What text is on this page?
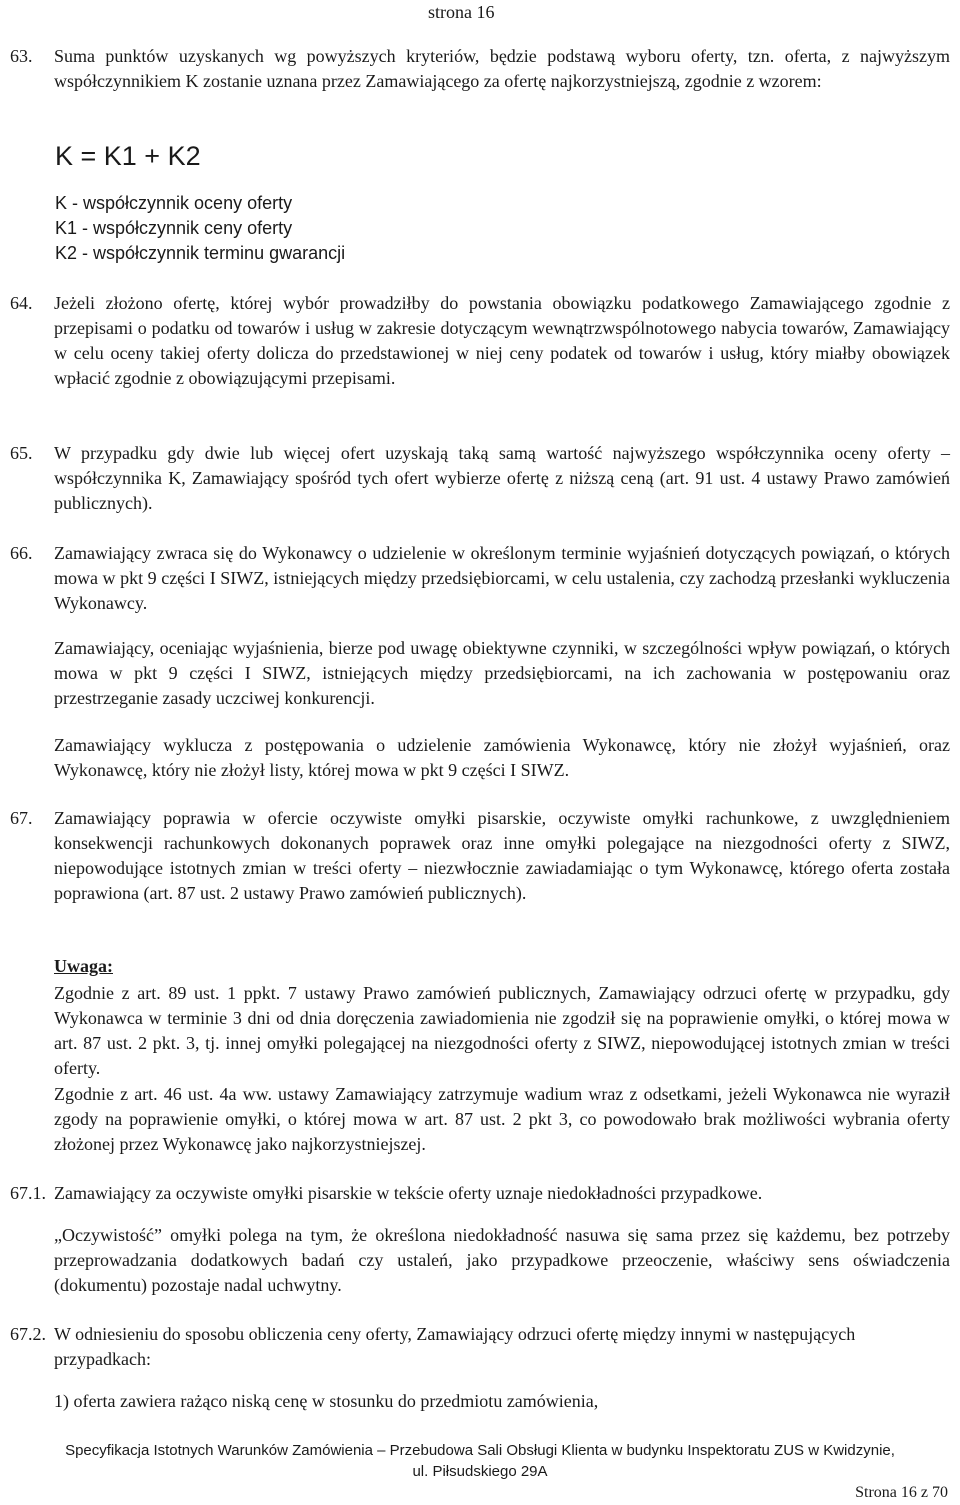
strona 16
63. Suma punktów uzyskanych wg powyższych kryteriów, będzie podstawą wyboru oferty, tzn. oferta, z najwyższym współczynnikiem K zostanie uznana przez Zamawiającego za ofertę najkorzystniejszą, zgodnie z wzorem:
K = K1 + K2
K - współczynnik oceny oferty
K1 - współczynnik ceny oferty
K2 - współczynnik terminu gwarancji
64. Jeżeli złożono ofertę, której wybór prowadziłby do powstania obowiązku podatkowego Zamawiającego zgodnie z przepisami o podatku od towarów i usług w zakresie dotyczącym wewnątrzwspólnotowego nabycia towarów, Zamawiający w celu oceny takiej oferty dolicza do przedstawionej w niej ceny podatek od towarów i usług, który miałby obowiązek wpłacić zgodnie z obowiązującymi przepisami.
65. W przypadku gdy dwie lub więcej ofert uzyskają taką samą wartość najwyższego współczynnika oceny oferty – współczynnika K, Zamawiający spośród tych ofert wybierze ofertę z niższą ceną (art. 91 ust. 4 ustawy Prawo zamówień publicznych).
66. Zamawiający zwraca się do Wykonawcy o udzielenie w określonym terminie wyjaśnień dotyczących powiązań, o których mowa w pkt 9 części I SIWZ, istniejących między przedsiębiorcami, w celu ustalenia, czy zachodzą przesłanki wykluczenia Wykonawcy.
Zamawiający, oceniając wyjaśnienia, bierze pod uwagę obiektywne czynniki, w szczególności wpływ powiązań, o których mowa w pkt 9 części I SIWZ, istniejących między przedsiębiorcami, na ich zachowania w postępowaniu oraz przestrzeganie zasady uczciwej konkurencji.
Zamawiający wyklucza z postępowania o udzielenie zamówienia Wykonawcę, który nie złożył wyjaśnień, oraz Wykonawcę, który nie złożył listy, której mowa w pkt 9 części I SIWZ.
67. Zamawiający poprawia w ofercie oczywiste omyłki pisarskie, oczywiste omyłki rachunkowe, z uwzględnieniem konsekwencji rachunkowych dokonanych poprawek oraz inne omyłki polegające na niezgodności oferty z SIWZ, niepowodujące istotnych zmian w treści oferty – niezwłocznie zawiadamiając o tym Wykonawcę, którego oferta została poprawiona (art. 87 ust. 2 ustawy Prawo zamówień publicznych).
Uwaga:
Zgodnie z art. 89 ust. 1 ppkt. 7 ustawy Prawo zamówień publicznych, Zamawiający odrzuci ofertę w przypadku, gdy Wykonawca w terminie 3 dni od dnia doręczenia zawiadomienia nie zgodził się na poprawienie omyłki, o której mowa w art. 87 ust. 2 pkt. 3, tj. innej omyłki polegającej na niezgodności oferty z SIWZ, niepowodującej istotnych zmian w treści oferty.
Zgodnie z art. 46 ust. 4a ww. ustawy Zamawiający zatrzymuje wadium wraz z odsetkami, jeżeli Wykonawca nie wyraził zgody na poprawienie omyłki, o której mowa w art. 87 ust. 2 pkt 3, co powodowało brak możliwości wybrania oferty złożonej przez Wykonawcę jako najkorzystniejszej.
67.1. Zamawiający za oczywiste omyłki pisarskie w tekście oferty uznaje niedokładności przypadkowe.
„Oczywistość” omyłki polega na tym, że określona niedokładność nasuwa się sama przez się każdemu, bez potrzeby przeprowadzania dodatkowych badań czy ustaleń, jako przypadkowe przeoczenie, właściwy sens oświadczenia (dokumentu) pozostaje nadal uchwytny.
67.2. W odniesieniu do sposobu obliczenia ceny oferty, Zamawiający odrzuci ofertę między innymi w następujących przypadkach:
1) oferta zawiera rażąco niską cenę w stosunku do przedmiotu zamówienia,
Specyfikacja Istotnych Warunków Zamówienia – Przebudowa Sali Obsługi Klienta w budynku Inspektoratu ZUS w Kwidzynie,
ul. Piłsudskiego 29A
Strona 16 z 70
